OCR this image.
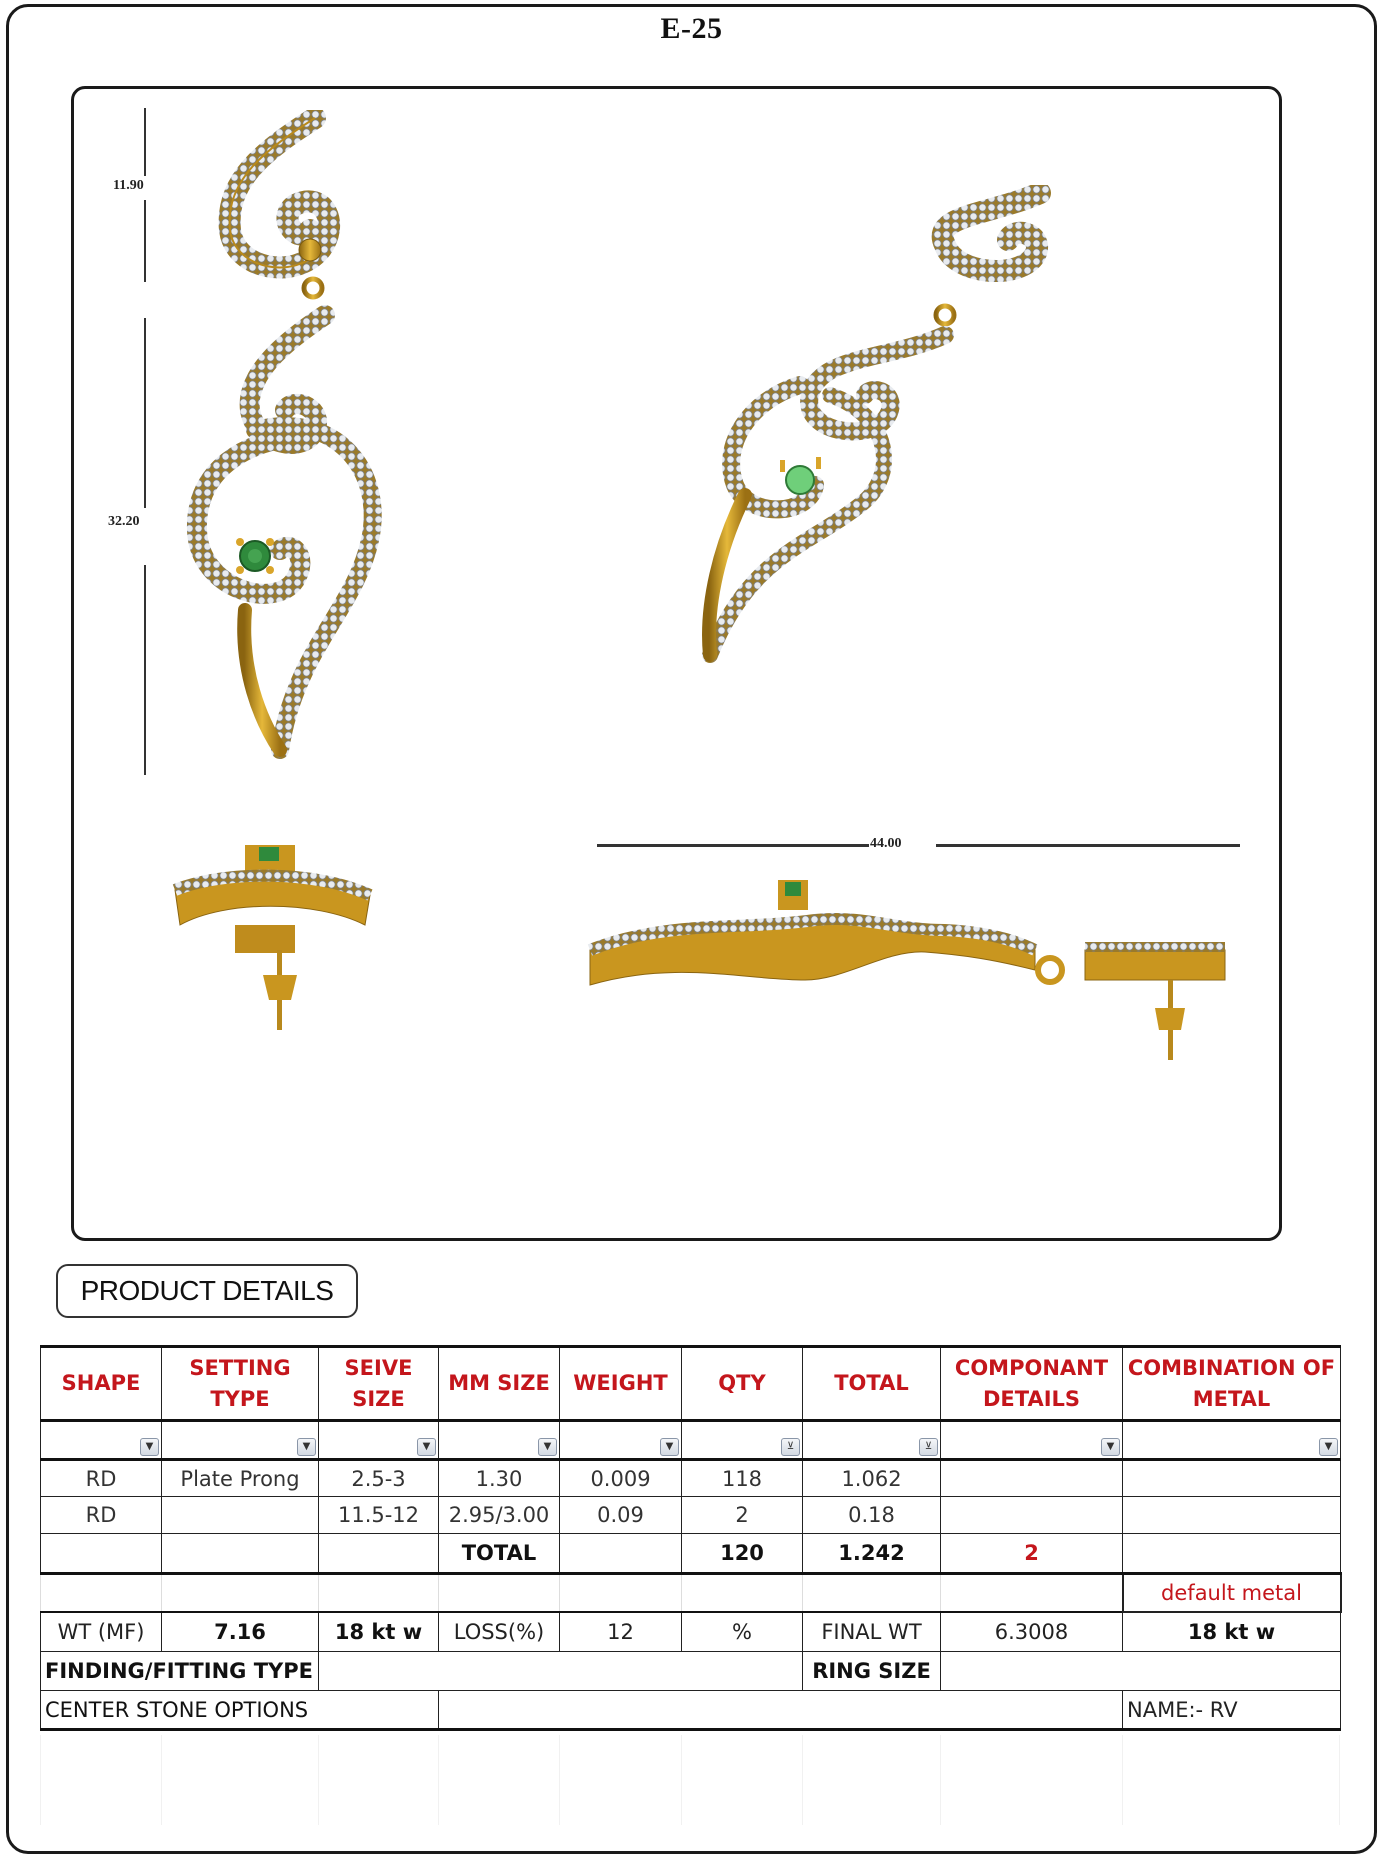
E-25
11.90
32.20
44.00
PRODUCT DETAILS
SHAPE	SETTING TYPE	SEIVE SIZE	MM SIZE	WEIGHT	QTY	TOTAL	COMPONANT DETAILS	COMBINATION OF METAL

▼	▼	▼	▼	▼	⊻	⊻	▼	▼

RD	Plate Prong	2.5-3	1.30	0.009	118	1.062		
RD		11.5-12	2.95/3.00	0.09	2	0.18		
			TOTAL		120	1.242	2	
								default metal
WT (MF)	7.16	18 kt w	LOSS(%)	12	%	FINAL WT	6.3008	18 kt w
FINDING/FITTING TYPE						RING SIZE		
CENTER STONE OPTIONS								NAME:- RV
